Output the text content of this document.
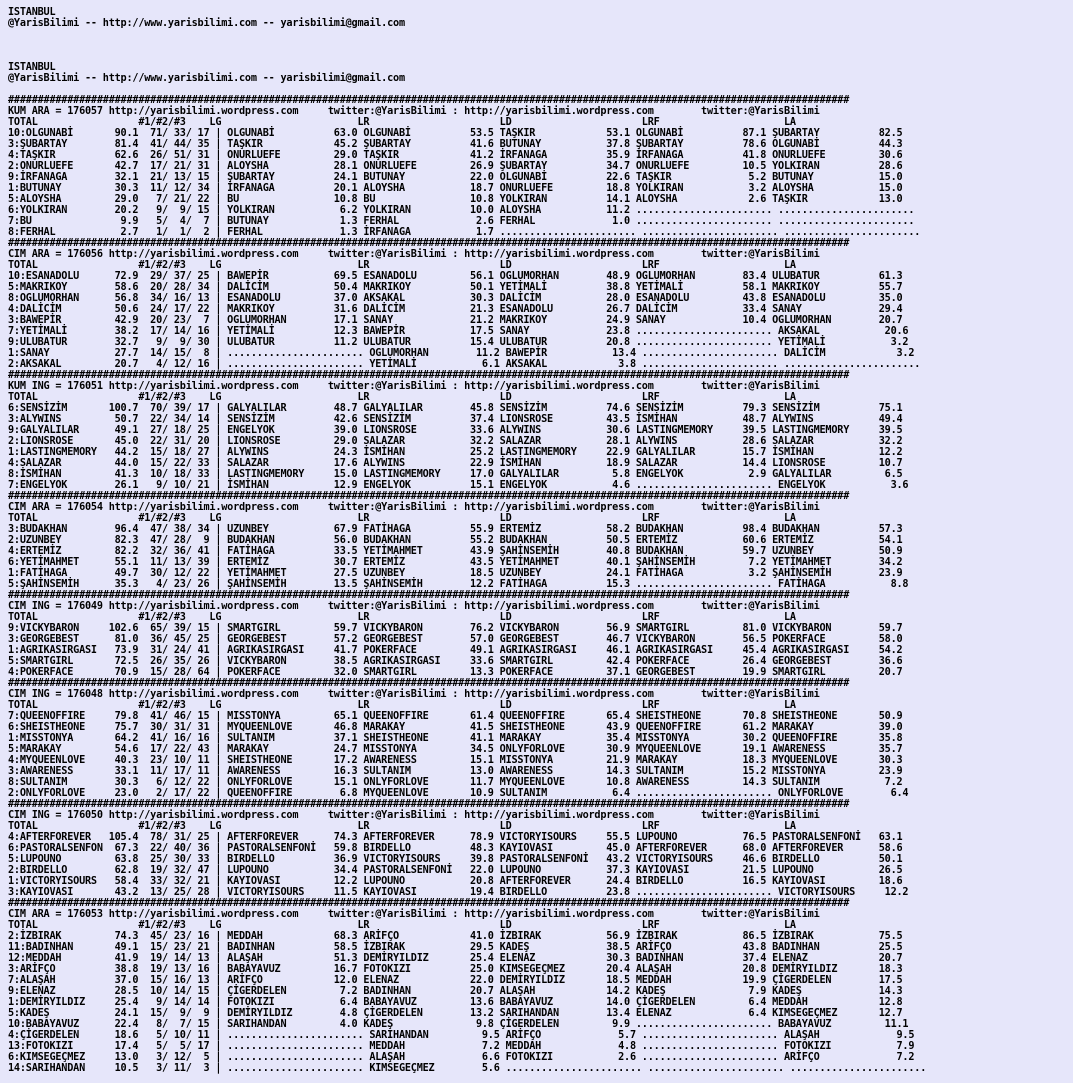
ISTANBUL
@YarisBilimi -- http://www.yarisbilimi.com -- yarisbilimi@gmail.com
ISTANBUL
@YarisBilimi -- http://www.yarisbilimi.com -- yarisbilimi@gmail.com
##############################################################################################################################################
KUM ARA = 176057 http://yarisbilimi.wordpress.com     twitter:@YarisBilimi : http://yarisbilimi.wordpress.com        twitter:@YarisBilimi
TOTAL                 #1/#2/#3    LG                       LR                      LD                      LRF                     LA
10:OLGUNABİ       90.1  71/ 33/ 17 | OLGUNABİ          63.0 OLGUNABİ          53.5 TAŞKIR            53.1 OLGUNABİ          87.1 ŞUBARTAY          82.5
3:ŞUBARTAY        81.4  41/ 44/ 35 | TAŞKIR            45.2 ŞUBARTAY          41.6 BUTUNAY           37.8 ŞUBARTAY          78.6 OLGUNABİ          44.3
4:TAŞKIR          62.6  26/ 51/ 31 | ONURLUEFE         29.0 TAŞKIR            41.2 İRFANAGA          35.9 İRFANAGA          41.8 ONURLUEFE         30.6
2:ONURLUEFE       42.7  17/ 21/ 31 | ALOYSHA           28.1 ONURLUEFE         26.9 ŞUBARTAY          34.7 ONURLUEFE         10.5 YOLKIRAN          28.6
9:İRFANAGA        32.1  21/ 13/ 15 | ŞUBARTAY          24.1 BUTUNAY           22.0 OLGUNABİ          22.6 TAŞKIR             5.2 BUTUNAY           15.0
1:BUTUNAY         30.3  11/ 12/ 34 | İRFANAGA          20.1 ALOYSHA           18.7 ONURLUEFE         18.8 YOLKIRAN           3.2 ALOYSHA           15.0
5:ALOYSHA         29.0   7/ 21/ 22 | BU                10.8 BU                10.8 YOLKIRAN          14.1 ALOYSHA            2.6 TAŞKIR            13.0
6:YOLKIRAN        20.2   9/  9/ 15 | YOLKIRAN           6.2 YOLKIRAN          10.0 ALOYSHA           11.2 ....................... .......................
7:BU               9.9   5/  4/  7 | BUTUNAY            1.3 FERHAL             2.6 FERHAL             1.0 ....................... .......................
8:FERHAL           2.7   1/  1/  2 | FERHAL             1.3 İRFANAGA           1.7 ....................... ....................... .......................
##############################################################################################################################################
CIM ARA = 176056 http://yarisbilimi.wordpress.com     twitter:@YarisBilimi : http://yarisbilimi.wordpress.com        twitter:@YarisBilimi
TOTAL                 #1/#2/#3    LG                       LR                      LD                      LRF                     LA
10:ESANADOLU      72.9  29/ 37/ 25 | BAWEPİR           69.5 ESANADOLU         56.1 OGLUMORHAN        48.9 OGLUMORHAN        83.4 ULUBATUR          61.3
5:MAKRIKOY        58.6  20/ 28/ 34 | DALİCİM           50.4 MAKRIKOY          50.1 YETİMALİ          38.8 YETİMALİ          58.1 MAKRIKOY          55.7
8:OGLUMORHAN      56.8  34/ 16/ 13 | ESANADOLU         37.0 AKSAKAL           30.3 DALİCİM           28.0 ESANADOLU         43.8 ESANADOLU         35.0
4:DALİCİM         50.6  24/ 17/ 22 | MAKRIKOY          31.6 DALİCİM           21.3 ESANADOLU         26.7 DALİCİM           33.4 SANAY             29.4
3:BAWEPİR         42.9  20/ 23/  7 | OGLUMORHAN        17.1 SANAY             21.2 MAKRIKOY          24.9 SANAY             10.4 OGLUMORHAN        20.7
7:YETİMALİ        38.2  17/ 14/ 16 | YETİMALİ          12.3 BAWEPİR           17.5 SANAY             23.8 ....................... AKSAKAL           20.6
9:ULUBATUR        32.7   9/  9/ 30 | ULUBATUR          11.2 ULUBATUR          15.4 ULUBATUR          20.8 ....................... YETİMALİ           3.2
1:SANAY           27.7  14/ 15/  8 | ....................... OGLUMORHAN        11.2 BAWEPİR           13.4 ....................... DALİCİM            3.2
2:AKSAKAL         20.7   4/ 12/ 16 | ....................... YETİMALİ           6.1 AKSAKAL            3.8 ....................... .......................
##############################################################################################################################################
KUM ING = 176051 http://yarisbilimi.wordpress.com     twitter:@YarisBilimi : http://yarisbilimi.wordpress.com        twitter:@YarisBilimi
TOTAL                 #1/#2/#3    LG                       LR                      LD                      LRF                     LA
6:SENSİZİM       100.7  70/ 39/ 17 | GALYALILAR        48.7 GALYALILAR        45.8 SENSİZİM          74.6 SENSİZİM          79.3 SENSİZİM          75.1
3:ALYWINS         50.7  22/ 34/ 14 | SENSİZİM          42.6 SENSİZİM          37.4 LIONSROSE         43.5 İSMİHAN           48.7 ALYWINS           49.4
9:GALYALILAR      49.1  27/ 18/ 25 | ENGELYOK          39.0 LIONSROSE         33.6 ALYWINS           30.6 LASTINGMEMORY     39.5 LASTINGMEMORY     39.5
2:LIONSROSE       45.0  22/ 31/ 20 | LIONSROSE         29.0 SALAZAR           32.2 SALAZAR           28.1 ALYWINS           28.6 SALAZAR           32.2
1:LASTINGMEMORY   44.2  15/ 18/ 27 | ALYWINS           24.3 İSMİHAN           25.2 LASTINGMEMORY     22.9 GALYALILAR        15.7 İSMİHAN           12.2
4:SALAZAR         44.0  15/ 22/ 33 | SALAZAR           17.6 ALYWINS           22.9 İSMİHAN           18.9 SALAZAR           14.4 LIONSROSE         10.7
8:İSMİHAN         41.3  10/ 18/ 33 | LASTINGMEMORY     15.0 LASTINGMEMORY     17.0 GALYALILAR         5.8 ENGELYOK           2.9 GALYALILAR         6.5
7:ENGELYOK        26.1   9/ 10/ 21 | İSMİHAN           12.9 ENGELYOK          15.1 ENGELYOK           4.6 ....................... ENGELYOK           3.6
##############################################################################################################################################
CIM ARA = 176054 http://yarisbilimi.wordpress.com     twitter:@YarisBilimi : http://yarisbilimi.wordpress.com        twitter:@YarisBilimi
TOTAL                 #1/#2/#3    LG                       LR                      LD                      LRF                     LA
3:BUDAKHAN        96.4  47/ 38/ 34 | UZUNBEY           67.9 FATİHAGA          55.9 ERTEMİZ           58.2 BUDAKHAN          98.4 BUDAKHAN          57.3
2:UZUNBEY         82.3  47/ 28/  9 | BUDAKHAN          56.0 BUDAKHAN          55.2 BUDAKHAN          50.5 ERTEMİZ           60.6 ERTEMİZ           54.1
4:ERTEMİZ         82.2  32/ 36/ 41 | FATİHAGA          33.5 YETİMAHMET        43.9 ŞAHİNSEMİH        40.8 BUDAKHAN          59.7 UZUNBEY           50.9
6:YETİMAHMET      55.1  11/ 13/ 39 | ERTEMİZ           30.7 ERTEMİZ           43.5 YETİMAHMET        40.1 ŞAHİNSEMİH         7.2 YETİMAHMET        34.2
1:FATİHAGA        49.7  30/ 12/ 22 | YETİMAHMET        27.5 UZUNBEY           18.5 UZUNBEY           24.1 FATİHAGA           3.2 ŞAHİNSEMİH        23.9
5:ŞAHİNSEMİH      35.3   4/ 23/ 26 | ŞAHİNSEMİH        13.5 ŞAHİNSEMİH        12.2 FATİHAGA          15.3 ....................... FATİHAGA           8.8
##############################################################################################################################################
CIM ING = 176049 http://yarisbilimi.wordpress.com     twitter:@YarisBilimi : http://yarisbilimi.wordpress.com        twitter:@YarisBilimi
TOTAL                 #1/#2/#3    LG                       LR                      LD                      LRF                     LA
9:VICKYBARON     102.6  65/ 39/ 15 | SMARTGIRL         59.7 VICKYBARON        76.2 VICKYBARON        56.9 SMARTGIRL         81.0 VICKYBARON        59.7
3:GEORGEBEST      81.0  36/ 45/ 25 | GEORGEBEST        57.2 GEORGEBEST        57.0 GEORGEBEST        46.7 VICKYBARON        56.5 POKERFACE         58.0
1:AGRIKASIRGASI   73.9  31/ 24/ 41 | AGRIKASIRGASI     41.7 POKERFACE         49.1 AGRIKASIRGASI     46.1 AGRIKASIRGASI     45.4 AGRIKASIRGASI     54.2
5:SMARTGIRL       72.5  26/ 35/ 26 | VICKYBARON        38.5 AGRIKASIRGASI     33.6 SMARTGIRL         42.4 POKERFACE         26.4 GEORGEBEST        36.6
4:POKERFACE       70.9  15/ 28/ 64 | POKERFACE         32.0 SMARTGIRL         13.3 POKERFACE         37.1 GEORGEBEST        19.9 SMARTGIRL         20.7
##############################################################################################################################################
CIM ING = 176048 http://yarisbilimi.wordpress.com     twitter:@YarisBilimi : http://yarisbilimi.wordpress.com        twitter:@YarisBilimi
TOTAL                 #1/#2/#3    LG                       LR                      LD                      LRF                     LA
7:QUEENOFFIRE     79.8  41/ 46/ 15 | MISSTONYA         65.1 QUEENOFFIRE       61.4 QUEENOFFIRE       65.4 SHEISTHEONE       70.8 SHEISTHEONE       50.9
6:SHEISTHEONE     75.7  30/ 31/ 31 | MYQUEENLOVE       46.8 MARAKAY           41.5 SHEISTHEONE       43.9 QUEENOFFIRE       61.2 MARAKAY           39.0
1:MISSTONYA       64.2  41/ 16/ 16 | SULTANIM          37.1 SHEISTHEONE       41.1 MARAKAY           35.4 MISSTONYA         30.2 QUEENOFFIRE       35.8
5:MARAKAY         54.6  17/ 22/ 43 | MARAKAY           24.7 MISSTONYA         34.5 ONLYFORLOVE       30.9 MYQUEENLOVE       19.1 AWARENESS         35.7
4:MYQUEENLOVE     40.3  23/ 10/ 11 | SHEISTHEONE       17.2 AWARENESS         15.1 MISSTONYA         21.9 MARAKAY           18.3 MYQUEENLOVE       30.3
3:AWARENESS       33.1  11/ 17/ 11 | AWARENESS         16.3 SULTANIM          13.0 AWARENESS         14.3 SULTANIM          15.2 MISSTONYA         23.9
8:SULTANIM        30.3   6/ 12/ 22 | ONLYFORLOVE       15.1 ONLYFORLOVE       11.7 MYQUEENLOVE       10.8 AWARENESS         14.3 SULTANIM           7.2
2:ONLYFORLOVE     23.0   2/ 17/ 22 | QUEENOFFIRE        6.8 MYQUEENLOVE       10.9 SULTANIM           6.4 ....................... ONLYFORLOVE        6.4
##############################################################################################################################################
CIM ING = 176050 http://yarisbilimi.wordpress.com     twitter:@YarisBilimi : http://yarisbilimi.wordpress.com        twitter:@YarisBilimi
TOTAL                 #1/#2/#3    LG                       LR                      LD                      LRF                     LA
4:AFTERFOREVER   105.4  78/ 31/ 25 | AFTERFOREVER      74.3 AFTERFOREVER      78.9 VICTORYISOURS     55.5 LUPOUNO           76.5 PASTORALSENFONİ   63.1
6:PASTORALSENFON  67.3  22/ 40/ 36 | PASTORALSENFONİ   59.8 BIRDELLO          48.3 KAYIOVASI         45.0 AFTERFOREVER      68.0 AFTERFOREVER      58.6
5:LUPOUNO         63.8  25/ 30/ 33 | BIRDELLO          36.9 VICTORYISOURS     39.8 PASTORALSENFONİ   43.2 VICTORYISOURS     46.6 BIRDELLO          50.1
2:BIRDELLO        62.8  19/ 32/ 47 | LUPOUNO           34.4 PASTORALSENFONİ   22.0 LUPOUNO           37.3 KAYIOVASI         21.5 LUPOUNO           26.5
1:VICTORYISOURS   58.4  33/ 32/ 21 | KAYIOVASI         12.2 LUPOUNO           20.8 AFTERFOREVER      24.4 BIRDELLO          16.5 KAYIOVASI         18.6
3:KAYIOVASI       43.2  13/ 25/ 28 | VICTORYISOURS     11.5 KAYIOVASI         19.4 BIRDELLO          23.8 ....................... VICTORYISOURS     12.2
##############################################################################################################################################
CIM ARA = 176053 http://yarisbilimi.wordpress.com     twitter:@YarisBilimi : http://yarisbilimi.wordpress.com        twitter:@YarisBilimi
TOTAL                 #1/#2/#3    LG                       LR                      LD                      LRF                     LA
2:İZBIRAK         74.3  45/ 23/ 16 | MEDDAH            68.3 ARİFÇO            41.0 İZBIRAK           56.9 İZBIRAK           86.5 İZBIRAK           75.5
11:BADINHAN       49.1  15/ 23/ 21 | BADINHAN          58.5 İZBIRAK           29.5 KADEŞ             38.5 ARİFÇO            43.8 BADINHAN          25.5
12:MEDDAH         41.9  19/ 14/ 13 | ALAŞAH            51.3 DEMİRYILDIZ       25.4 ELENAZ            30.3 BADINHAN          37.4 ELENAZ            20.7
3:ARİFÇO          38.8  19/ 13/ 16 | BABAYAVUZ         16.7 FOTOKIZI          25.0 KIMSEGEÇMEZ       20.4 ALAŞAH            20.8 DEMİRYILDIZ       18.3
7:ALAŞAH          37.0  15/ 16/ 13 | ARİFÇO            12.0 ELENAZ            22.0 DEMİRYILDIZ       18.5 MEDDAH            19.9 ÇİGERDELEN        17.5
9:ELENAZ          28.5  10/ 14/ 15 | ÇİGERDELEN         7.2 BADINHAN          20.7 ALAŞAH            14.2 KADEŞ              7.9 KADEŞ             14.3
1:DEMİRYILDIZ     25.4   9/ 14/ 14 | FOTOKIZI           6.4 BABAYAVUZ         13.6 BABAYAVUZ         14.0 ÇİGERDELEN         6.4 MEDDAH            12.8
5:KADEŞ           24.1  15/  9/  9 | DEMİRYILDIZ        4.8 ÇİGERDELEN        13.2 SARIHANDAN        13.4 ELENAZ             6.4 KIMSEGEÇMEZ       12.7
10:BABAYAVUZ      22.4   8/  7/ 15 | SARIHANDAN         4.0 KADEŞ              9.8 ÇİGERDELEN         9.9 ....................... BABAYAVUZ         11.1
4:ÇİGERDELEN      18.6   5/ 10/ 11 | ....................... SARIHANDAN         9.5 ARİFÇO             5.7 ....................... ALAŞAH             9.5
13:FOTOKIZI       17.4   5/  5/ 17 | ....................... MEDDAH             7.2 MEDDAH             4.8 ....................... FOTOKIZI           7.9
6:KIMSEGEÇMEZ     13.0   3/ 12/  5 | ....................... ALAŞAH             6.6 FOTOKIZI           2.6 ....................... ARİFÇO             7.2
14:SARIHANDAN     10.5   3/ 11/  3 | ....................... KIMSEGEÇMEZ        5.6 ....................... ....................... .......................
